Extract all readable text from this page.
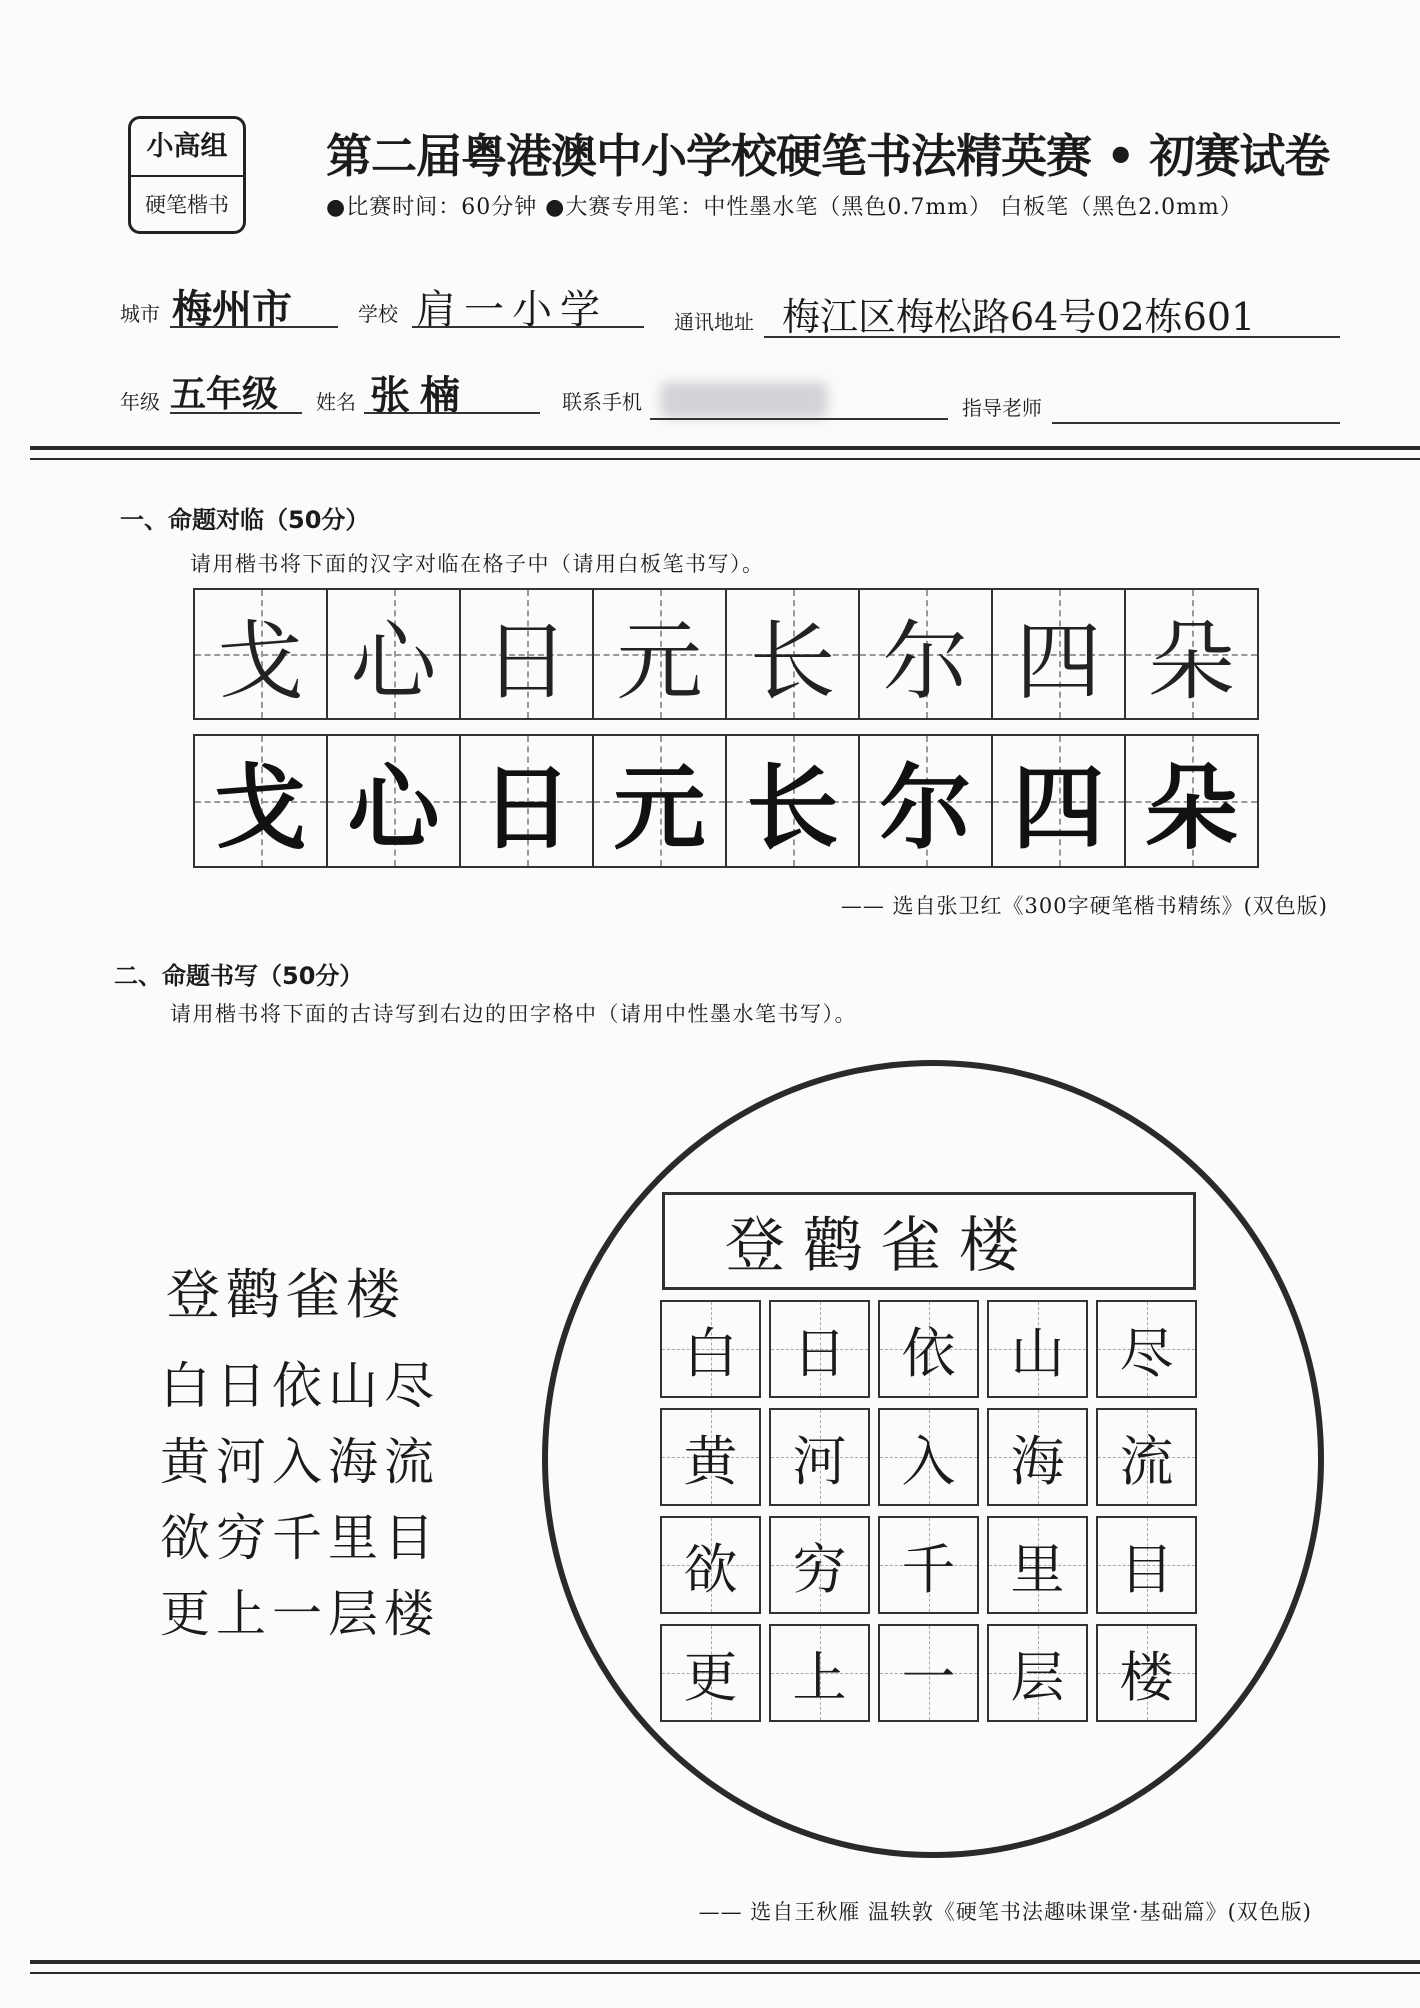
小高组
硬笔楷书
第二届粤港澳中小学校硬笔书法精英赛 • 初赛试卷
●比赛时间：60分钟 ●大赛专用笔：中性墨水笔（黑色0.7mm） 白板笔（黑色2.0mm）
城市 梅州市	学校 肩一小学	通讯地址 梅江区梅松路64号02栋601
年级 五年级 姓名 张楠	联系手机	指导老师
一、命题对临（50分）
请用楷书将下面的汉字对临在格子中（请用白板笔书写）。
戈 心 日 元 长 尔 四 朵
戈 心 日 元 长 尔 四 朵
—— 选自张卫红《300字硬笔楷书精练》(双色版)
二、命题书写（50分）
请用楷书将下面的古诗写到右边的田字格中（请用中性墨水笔书写）。
登鹳雀楼
白日依山尽
黄河入海流
欲穷千里目
更上一层楼
登鹳雀楼
白 日 依 山 尽
黄 河 入 海 流
欲 穷 千 里 目
更 上 一 层 楼
—— 选自王秋雁 温轶敦《硬笔书法趣味课堂·基础篇》(双色版)
